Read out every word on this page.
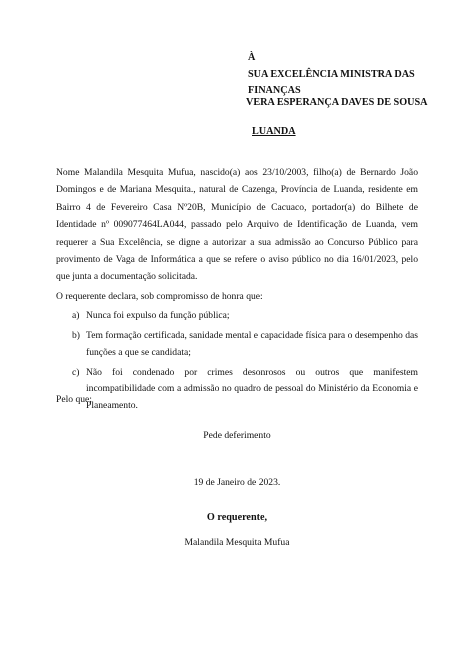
À
SUA EXCELÊNCIA MINISTRA DAS
FINANÇAS
VERA ESPERANÇA DAVES DE SOUSA
LUANDA
Nome Malandila Mesquita Mufua, nascido(a) aos 23/10/2003, filho(a) de Bernardo João Domingos e de Mariana Mesquita., natural de Cazenga, Província de Luanda, residente em Bairro 4 de Fevereiro Casa Nº20B, Município de Cacuaco, portador(a) do Bilhete de Identidade nº 009077464LA044, passado pelo Arquivo de Identificação de Luanda, vem requerer a Sua Excelência, se digne a autorizar a sua admissão ao Concurso Público para provimento de Vaga de Informática a que se refere o aviso público no dia 16/01/2023, pelo que junta a documentação solicitada.
O requerente declara, sob compromisso de honra que:
a) Nunca foi expulso da função pública;
b) Tem formação certificada, sanidade mental e capacidade física para o desempenho das funções a que se candidata;
c) Não foi condenado por crimes desonrosos ou outros que manifestem incompatibilidade com a admissão no quadro de pessoal do Ministério da Economia e Planeamento.
Pelo que;
Pede deferimento
19 de Janeiro de 2023.
O requerente,
Malandila Mesquita Mufua
